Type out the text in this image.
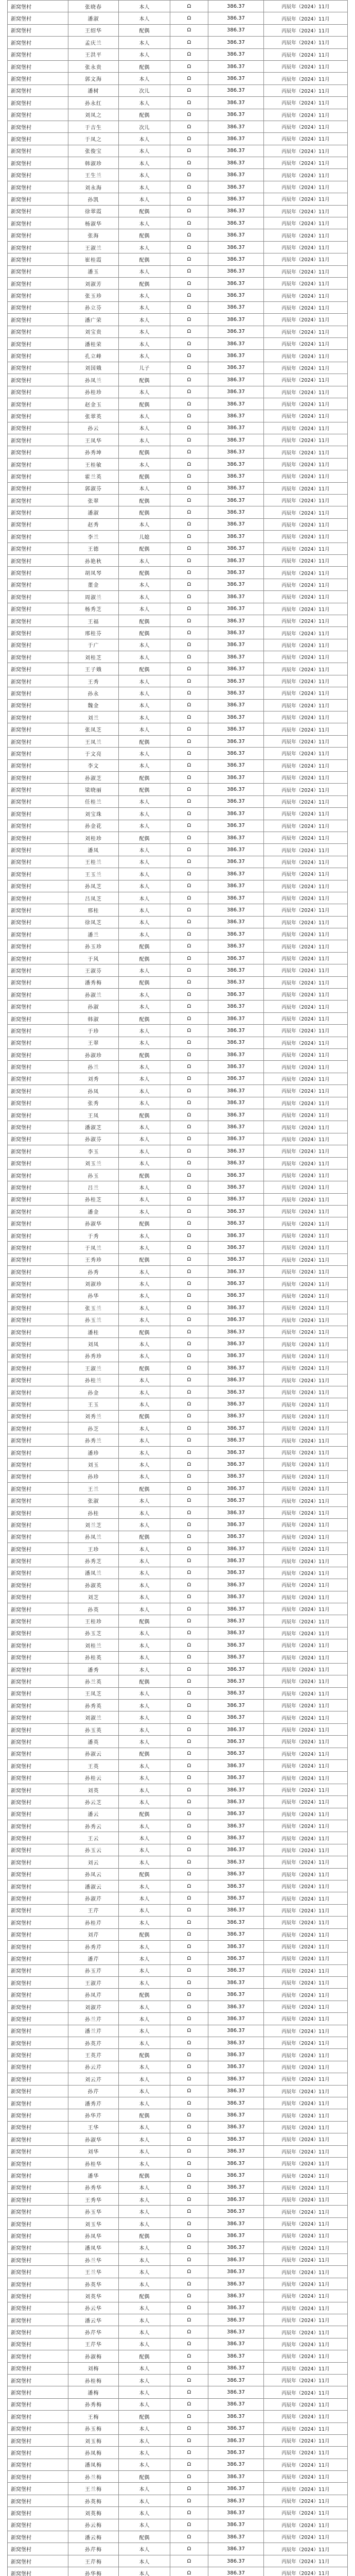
新窝堡村	张晓春	本人	Ω	386.37	丙辰年（2024）11月
新窝堡村	潘淑	本人	Ω	386.37	丙辰年（2024）11月
新窝堡村	王绍华	配偶	Ω	386.37	丙辰年（2024）11月
新窝堡村	孟庆兰	本人	Ω	386.37	丙辰年（2024）11月
新窝堡村	王洪平	本人	Ω	386.37	丙辰年（2024）11月
新窝堡村	张永贵	配偶	Ω	386.37	丙辰年（2024）11月
新窝堡村	郭文海	本人	Ω	386.37	丙辰年（2024）11月
新窝堡村	潘树	次儿	Ω	386.37	丙辰年（2024）11月
新窝堡村	孙永红	本人	Ω	386.37	丙辰年（2024）11月
新窝堡村	刘凤之	配偶	Ω	386.37	丙辰年（2024）11月
新窝堡村	于吉生	次儿	Ω	386.37	丙辰年（2024）11月
新窝堡村	于凤之	本人	Ω	386.37	丙辰年（2024）11月
新窝堡村	张俊宝	本人	Ω	386.37	丙辰年（2024）11月
新窝堡村	韩淑珍	本人	Ω	386.37	丙辰年（2024）11月
新窝堡村	王生兰	本人	Ω	386.37	丙辰年（2024）11月
新窝堡村	刘永海	本人	Ω	386.37	丙辰年（2024）11月
新窝堡村	孙凯	本人	Ω	386.37	丙辰年（2024）11月
新窝堡村	徐翠霞	配偶	Ω	386.37	丙辰年（2024）11月
新窝堡村	杨淑华	本人	Ω	386.37	丙辰年（2024）11月
新窝堡村	张海	配偶	Ω	386.37	丙辰年（2024）11月
新窝堡村	王淑兰	本人	Ω	386.37	丙辰年（2024）11月
新窝堡村	崔桂霞	配偶	Ω	386.37	丙辰年（2024）11月
新窝堡村	潘玉	本人	Ω	386.37	丙辰年（2024）11月
新窝堡村	刘淑芳	配偶	Ω	386.37	丙辰年（2024）11月
新窝堡村	张玉珍	本人	Ω	386.37	丙辰年（2024）11月
新窝堡村	孙立芬	本人	Ω	386.37	丙辰年（2024）11月
新窝堡村	潘广荣	本人	Ω	386.37	丙辰年（2024）11月
新窝堡村	刘宝贵	本人	Ω	386.37	丙辰年（2024）11月
新窝堡村	潘桂荣	本人	Ω	386.37	丙辰年（2024）11月
新窝堡村	孔立峰	本人	Ω	386.37	丙辰年（2024）11月
新窝堡村	刘国娥	儿子	Ω	386.37	丙辰年（2024）11月
新窝堡村	孙凤兰	配偶	Ω	386.37	丙辰年（2024）11月
新窝堡村	孙桂珍	本人	Ω	386.37	丙辰年（2024）11月
新窝堡村	赵金玉	配偶	Ω	386.37	丙辰年（2024）11月
新窝堡村	张翠英	本人	Ω	386.37	丙辰年（2024）11月
新窝堡村	孙云	本人	Ω	386.37	丙辰年（2024）11月
新窝堡村	王凤华	本人	Ω	386.37	丙辰年（2024）11月
新窝堡村	孙秀坤	配偶	Ω	386.37	丙辰年（2024）11月
新窝堡村	王桂敏	本人	Ω	386.37	丙辰年（2024）11月
新窝堡村	霍兰英	配偶	Ω	386.37	丙辰年（2024）11月
新窝堡村	郭淑芬	本人	Ω	386.37	丙辰年（2024）11月
新窝堡村	张翠	配偶	Ω	386.37	丙辰年（2024）11月
新窝堡村	潘淑	配偶	Ω	386.37	丙辰年（2024）11月
新窝堡村	赵秀	本人	Ω	386.37	丙辰年（2024）11月
新窝堡村	李兰	儿媳	Ω	386.37	丙辰年（2024）11月
新窝堡村	王德	配偶	Ω	386.37	丙辰年（2024）11月
新窝堡村	孙艳秋	本人	Ω	386.37	丙辰年（2024）11月
新窝堡村	胡凤琴	配偶	Ω	386.37	丙辰年（2024）11月
新窝堡村	董金	本人	Ω	386.37	丙辰年（2024）11月
新窝堡村	周淑兰	本人	Ω	386.37	丙辰年（2024）11月
新窝堡村	杨秀芝	本人	Ω	386.37	丙辰年（2024）11月
新窝堡村	王福	配偶	Ω	386.37	丙辰年（2024）11月
新窝堡村	邢桂芬	配偶	Ω	386.37	丙辰年（2024）11月
新窝堡村	于广	本人	Ω	386.37	丙辰年（2024）11月
新窝堡村	刘桂芝	本人	Ω	386.37	丙辰年（2024）11月
新窝堡村	王子娥	配偶	Ω	386.37	丙辰年（2024）11月
新窝堡村	王秀	本人	Ω	386.37	丙辰年（2024）11月
新窝堡村	孙永	本人	Ω	386.37	丙辰年（2024）11月
新窝堡村	魏金	本人	Ω	386.37	丙辰年（2024）11月
新窝堡村	刘兰	本人	Ω	386.37	丙辰年（2024）11月
新窝堡村	张凤芝	本人	Ω	386.37	丙辰年（2024）11月
新窝堡村	王凤兰	配偶	Ω	386.37	丙辰年（2024）11月
新窝堡村	于文亮	本人	Ω	386.37	丙辰年（2024）11月
新窝堡村	李文	本人	Ω	386.37	丙辰年（2024）11月
新窝堡村	孙淑芝	配偶	Ω	386.37	丙辰年（2024）11月
新窝堡村	梁晓丽	配偶	Ω	386.37	丙辰年（2024）11月
新窝堡村	任桂兰	本人	Ω	386.37	丙辰年（2024）11月
新窝堡村	刘宝珠	本人	Ω	386.37	丙辰年（2024）11月
新窝堡村	孙金花	本人	Ω	386.37	丙辰年（2024）11月
新窝堡村	刘桂珍	配偶	Ω	386.37	丙辰年（2024）11月
新窝堡村	潘凤	本人	Ω	386.37	丙辰年（2024）11月
新窝堡村	王桂兰	本人	Ω	386.37	丙辰年（2024）11月
新窝堡村	王玉兰	本人	Ω	386.37	丙辰年（2024）11月
新窝堡村	孙凤芝	本人	Ω	386.37	丙辰年（2024）11月
新窝堡村	吕凤芝	本人	Ω	386.37	丙辰年（2024）11月
新窝堡村	邢桂	本人	Ω	386.37	丙辰年（2024）11月
新窝堡村	徐凤芝	本人	Ω	386.37	丙辰年（2024）11月
新窝堡村	潘兰	本人	Ω	386.37	丙辰年（2024）11月
新窝堡村	孙玉珍	配偶	Ω	386.37	丙辰年（2024）11月
新窝堡村	于风	配偶	Ω	386.37	丙辰年（2024）11月
新窝堡村	王淑芬	本人	Ω	386.37	丙辰年（2024）11月
新窝堡村	潘秀梅	配偶	Ω	386.37	丙辰年（2024）11月
新窝堡村	孙淑兰	本人	Ω	386.37	丙辰年（2024）11月
新窝堡村	孙淑	本人	Ω	386.37	丙辰年（2024）11月
新窝堡村	韩淑	配偶	Ω	386.37	丙辰年（2024）11月
新窝堡村	于珍	本人	Ω	386.37	丙辰年（2024）11月
新窝堡村	王翠	本人	Ω	386.37	丙辰年（2024）11月
新窝堡村	孙淑珍	配偶	Ω	386.37	丙辰年（2024）11月
新窝堡村	孙兰	本人	Ω	386.37	丙辰年（2024）11月
新窝堡村	刘秀	本人	Ω	386.37	丙辰年（2024）11月
新窝堡村	孙凤	本人	Ω	386.37	丙辰年（2024）11月
新窝堡村	张秀	本人	Ω	386.37	丙辰年（2024）11月
新窝堡村	王凤	配偶	Ω	386.37	丙辰年（2024）11月
新窝堡村	潘淑芝	本人	Ω	386.37	丙辰年（2024）11月
新窝堡村	孙淑芬	本人	Ω	386.37	丙辰年（2024）11月
新窝堡村	李玉	本人	Ω	386.37	丙辰年（2024）11月
新窝堡村	刘玉兰	本人	Ω	386.37	丙辰年（2024）11月
新窝堡村	孙玉	配偶	Ω	386.37	丙辰年（2024）11月
新窝堡村	吕兰	本人	Ω	386.37	丙辰年（2024）11月
新窝堡村	孙桂芝	本人	Ω	386.37	丙辰年（2024）11月
新窝堡村	潘金	本人	Ω	386.37	丙辰年（2024）11月
新窝堡村	孙淑华	配偶	Ω	386.37	丙辰年（2024）11月
新窝堡村	于秀	本人	Ω	386.37	丙辰年（2024）11月
新窝堡村	于凤兰	本人	Ω	386.37	丙辰年（2024）11月
新窝堡村	王秀珍	配偶	Ω	386.37	丙辰年（2024）11月
新窝堡村	孙秀	本人	Ω	386.37	丙辰年（2024）11月
新窝堡村	刘淑珍	本人	Ω	386.37	丙辰年（2024）11月
新窝堡村	孙华	本人	Ω	386.37	丙辰年（2024）11月
新窝堡村	张玉兰	本人	Ω	386.37	丙辰年（2024）11月
新窝堡村	孙玉兰	本人	Ω	386.37	丙辰年（2024）11月
新窝堡村	潘桂	配偶	Ω	386.37	丙辰年（2024）11月
新窝堡村	刘凤	本人	Ω	386.37	丙辰年（2024）11月
新窝堡村	孙秀珍	本人	Ω	386.37	丙辰年（2024）11月
新窝堡村	王淑兰	配偶	Ω	386.37	丙辰年（2024）11月
新窝堡村	孙桂兰	本人	Ω	386.37	丙辰年（2024）11月
新窝堡村	孙金	本人	Ω	386.37	丙辰年（2024）11月
新窝堡村	王玉	本人	Ω	386.37	丙辰年（2024）11月
新窝堡村	刘秀兰	配偶	Ω	386.37	丙辰年（2024）11月
新窝堡村	孙芝	本人	Ω	386.37	丙辰年（2024）11月
新窝堡村	孙秀兰	本人	Ω	386.37	丙辰年（2024）11月
新窝堡村	潘珍	本人	Ω	386.37	丙辰年（2024）11月
新窝堡村	刘玉	本人	Ω	386.37	丙辰年（2024）11月
新窝堡村	孙珍	本人	Ω	386.37	丙辰年（2024）11月
新窝堡村	王兰	配偶	Ω	386.37	丙辰年（2024）11月
新窝堡村	张淑	本人	Ω	386.37	丙辰年（2024）11月
新窝堡村	孙桂	本人	Ω	386.37	丙辰年（2024）11月
新窝堡村	刘兰芝	本人	Ω	386.37	丙辰年（2024）11月
新窝堡村	孙凤兰	配偶	Ω	386.37	丙辰年（2024）11月
新窝堡村	王珍	本人	Ω	386.37	丙辰年（2024）11月
新窝堡村	孙秀芝	本人	Ω	386.37	丙辰年（2024）11月
新窝堡村	潘凤兰	本人	Ω	386.37	丙辰年（2024）11月
新窝堡村	孙淑英	本人	Ω	386.37	丙辰年（2024）11月
新窝堡村	刘芝	本人	Ω	386.37	丙辰年（2024）11月
新窝堡村	孙英	本人	Ω	386.37	丙辰年（2024）11月
新窝堡村	王桂珍	配偶	Ω	386.37	丙辰年（2024）11月
新窝堡村	孙玉芝	本人	Ω	386.37	丙辰年（2024）11月
新窝堡村	刘桂兰	本人	Ω	386.37	丙辰年（2024）11月
新窝堡村	孙桂英	本人	Ω	386.37	丙辰年（2024）11月
新窝堡村	潘秀	本人	Ω	386.37	丙辰年（2024）11月
新窝堡村	孙兰英	配偶	Ω	386.37	丙辰年（2024）11月
新窝堡村	王凤芝	本人	Ω	386.37	丙辰年（2024）11月
新窝堡村	孙秀英	本人	Ω	386.37	丙辰年（2024）11月
新窝堡村	刘淑兰	本人	Ω	386.37	丙辰年（2024）11月
新窝堡村	孙玉英	本人	Ω	386.37	丙辰年（2024）11月
新窝堡村	潘英	本人	Ω	386.37	丙辰年（2024）11月
新窝堡村	孙淑云	配偶	Ω	386.37	丙辰年（2024）11月
新窝堡村	王英	本人	Ω	386.37	丙辰年（2024）11月
新窝堡村	孙桂云	本人	Ω	386.37	丙辰年（2024）11月
新窝堡村	刘英	本人	Ω	386.37	丙辰年（2024）11月
新窝堡村	孙云芝	本人	Ω	386.37	丙辰年（2024）11月
新窝堡村	潘云	配偶	Ω	386.37	丙辰年（2024）11月
新窝堡村	孙秀云	本人	Ω	386.37	丙辰年（2024）11月
新窝堡村	王云	本人	Ω	386.37	丙辰年（2024）11月
新窝堡村	孙玉云	本人	Ω	386.37	丙辰年（2024）11月
新窝堡村	刘云	本人	Ω	386.37	丙辰年（2024）11月
新窝堡村	孙凤云	配偶	Ω	386.37	丙辰年（2024）11月
新窝堡村	潘淑云	本人	Ω	386.37	丙辰年（2024）11月
新窝堡村	孙淑芹	本人	Ω	386.37	丙辰年（2024）11月
新窝堡村	王芹	本人	Ω	386.37	丙辰年（2024）11月
新窝堡村	孙桂芹	本人	Ω	386.37	丙辰年（2024）11月
新窝堡村	刘芹	配偶	Ω	386.37	丙辰年（2024）11月
新窝堡村	孙秀芹	本人	Ω	386.37	丙辰年（2024）11月
新窝堡村	潘芹	本人	Ω	386.37	丙辰年（2024）11月
新窝堡村	孙玉芹	本人	Ω	386.37	丙辰年（2024）11月
新窝堡村	王淑芹	本人	Ω	386.37	丙辰年（2024）11月
新窝堡村	孙凤芹	配偶	Ω	386.37	丙辰年（2024）11月
新窝堡村	刘淑芹	本人	Ω	386.37	丙辰年（2024）11月
新窝堡村	孙兰芹	本人	Ω	386.37	丙辰年（2024）11月
新窝堡村	潘兰芹	本人	Ω	386.37	丙辰年（2024）11月
新窝堡村	孙英芹	本人	Ω	386.37	丙辰年（2024）11月
新窝堡村	王英芹	配偶	Ω	386.37	丙辰年（2024）11月
新窝堡村	孙云芹	本人	Ω	386.37	丙辰年（2024）11月
新窝堡村	刘云芹	本人	Ω	386.37	丙辰年（2024）11月
新窝堡村	孙芹	本人	Ω	386.37	丙辰年（2024）11月
新窝堡村	潘秀芹	本人	Ω	386.37	丙辰年（2024）11月
新窝堡村	孙华芹	配偶	Ω	386.37	丙辰年（2024）11月
新窝堡村	王华	本人	Ω	386.37	丙辰年（2024）11月
新窝堡村	孙淑华	本人	Ω	386.37	丙辰年（2024）11月
新窝堡村	刘华	本人	Ω	386.37	丙辰年（2024）11月
新窝堡村	孙桂华	本人	Ω	386.37	丙辰年（2024）11月
新窝堡村	潘华	配偶	Ω	386.37	丙辰年（2024）11月
新窝堡村	孙秀华	本人	Ω	386.37	丙辰年（2024）11月
新窝堡村	王秀华	本人	Ω	386.37	丙辰年（2024）11月
新窝堡村	孙玉华	本人	Ω	386.37	丙辰年（2024）11月
新窝堡村	刘玉华	本人	Ω	386.37	丙辰年（2024）11月
新窝堡村	孙凤华	配偶	Ω	386.37	丙辰年（2024）11月
新窝堡村	潘凤华	本人	Ω	386.37	丙辰年（2024）11月
新窝堡村	孙兰华	本人	Ω	386.37	丙辰年（2024）11月
新窝堡村	王兰华	本人	Ω	386.37	丙辰年（2024）11月
新窝堡村	孙英华	本人	Ω	386.37	丙辰年（2024）11月
新窝堡村	刘英华	配偶	Ω	386.37	丙辰年（2024）11月
新窝堡村	孙云华	本人	Ω	386.37	丙辰年（2024）11月
新窝堡村	潘云华	本人	Ω	386.37	丙辰年（2024）11月
新窝堡村	孙芹华	本人	Ω	386.37	丙辰年（2024）11月
新窝堡村	王芹华	本人	Ω	386.37	丙辰年（2024）11月
新窝堡村	孙淑梅	配偶	Ω	386.37	丙辰年（2024）11月
新窝堡村	刘梅	本人	Ω	386.37	丙辰年（2024）11月
新窝堡村	孙桂梅	本人	Ω	386.37	丙辰年（2024）11月
新窝堡村	潘梅	本人	Ω	386.37	丙辰年（2024）11月
新窝堡村	孙秀梅	本人	Ω	386.37	丙辰年（2024）11月
新窝堡村	王梅	配偶	Ω	386.37	丙辰年（2024）11月
新窝堡村	孙玉梅	本人	Ω	386.37	丙辰年（2024）11月
新窝堡村	刘玉梅	本人	Ω	386.37	丙辰年（2024）11月
新窝堡村	孙凤梅	本人	Ω	386.37	丙辰年（2024）11月
新窝堡村	潘凤梅	本人	Ω	386.37	丙辰年（2024）11月
新窝堡村	孙兰梅	配偶	Ω	386.37	丙辰年（2024）11月
新窝堡村	王兰梅	本人	Ω	386.37	丙辰年（2024）11月
新窝堡村	孙英梅	本人	Ω	386.37	丙辰年（2024）11月
新窝堡村	刘英梅	本人	Ω	386.37	丙辰年（2024）11月
新窝堡村	孙云梅	本人	Ω	386.37	丙辰年（2024）11月
新窝堡村	潘云梅	配偶	Ω	386.37	丙辰年（2024）11月
新窝堡村	孙芹梅	本人	Ω	386.37	丙辰年（2024）11月
新窝堡村	王芹梅	本人	Ω	386.37	丙辰年（2024）11月
新窝堡村	孙华梅	本人	Ω	386.37	丙辰年（2024）11月
